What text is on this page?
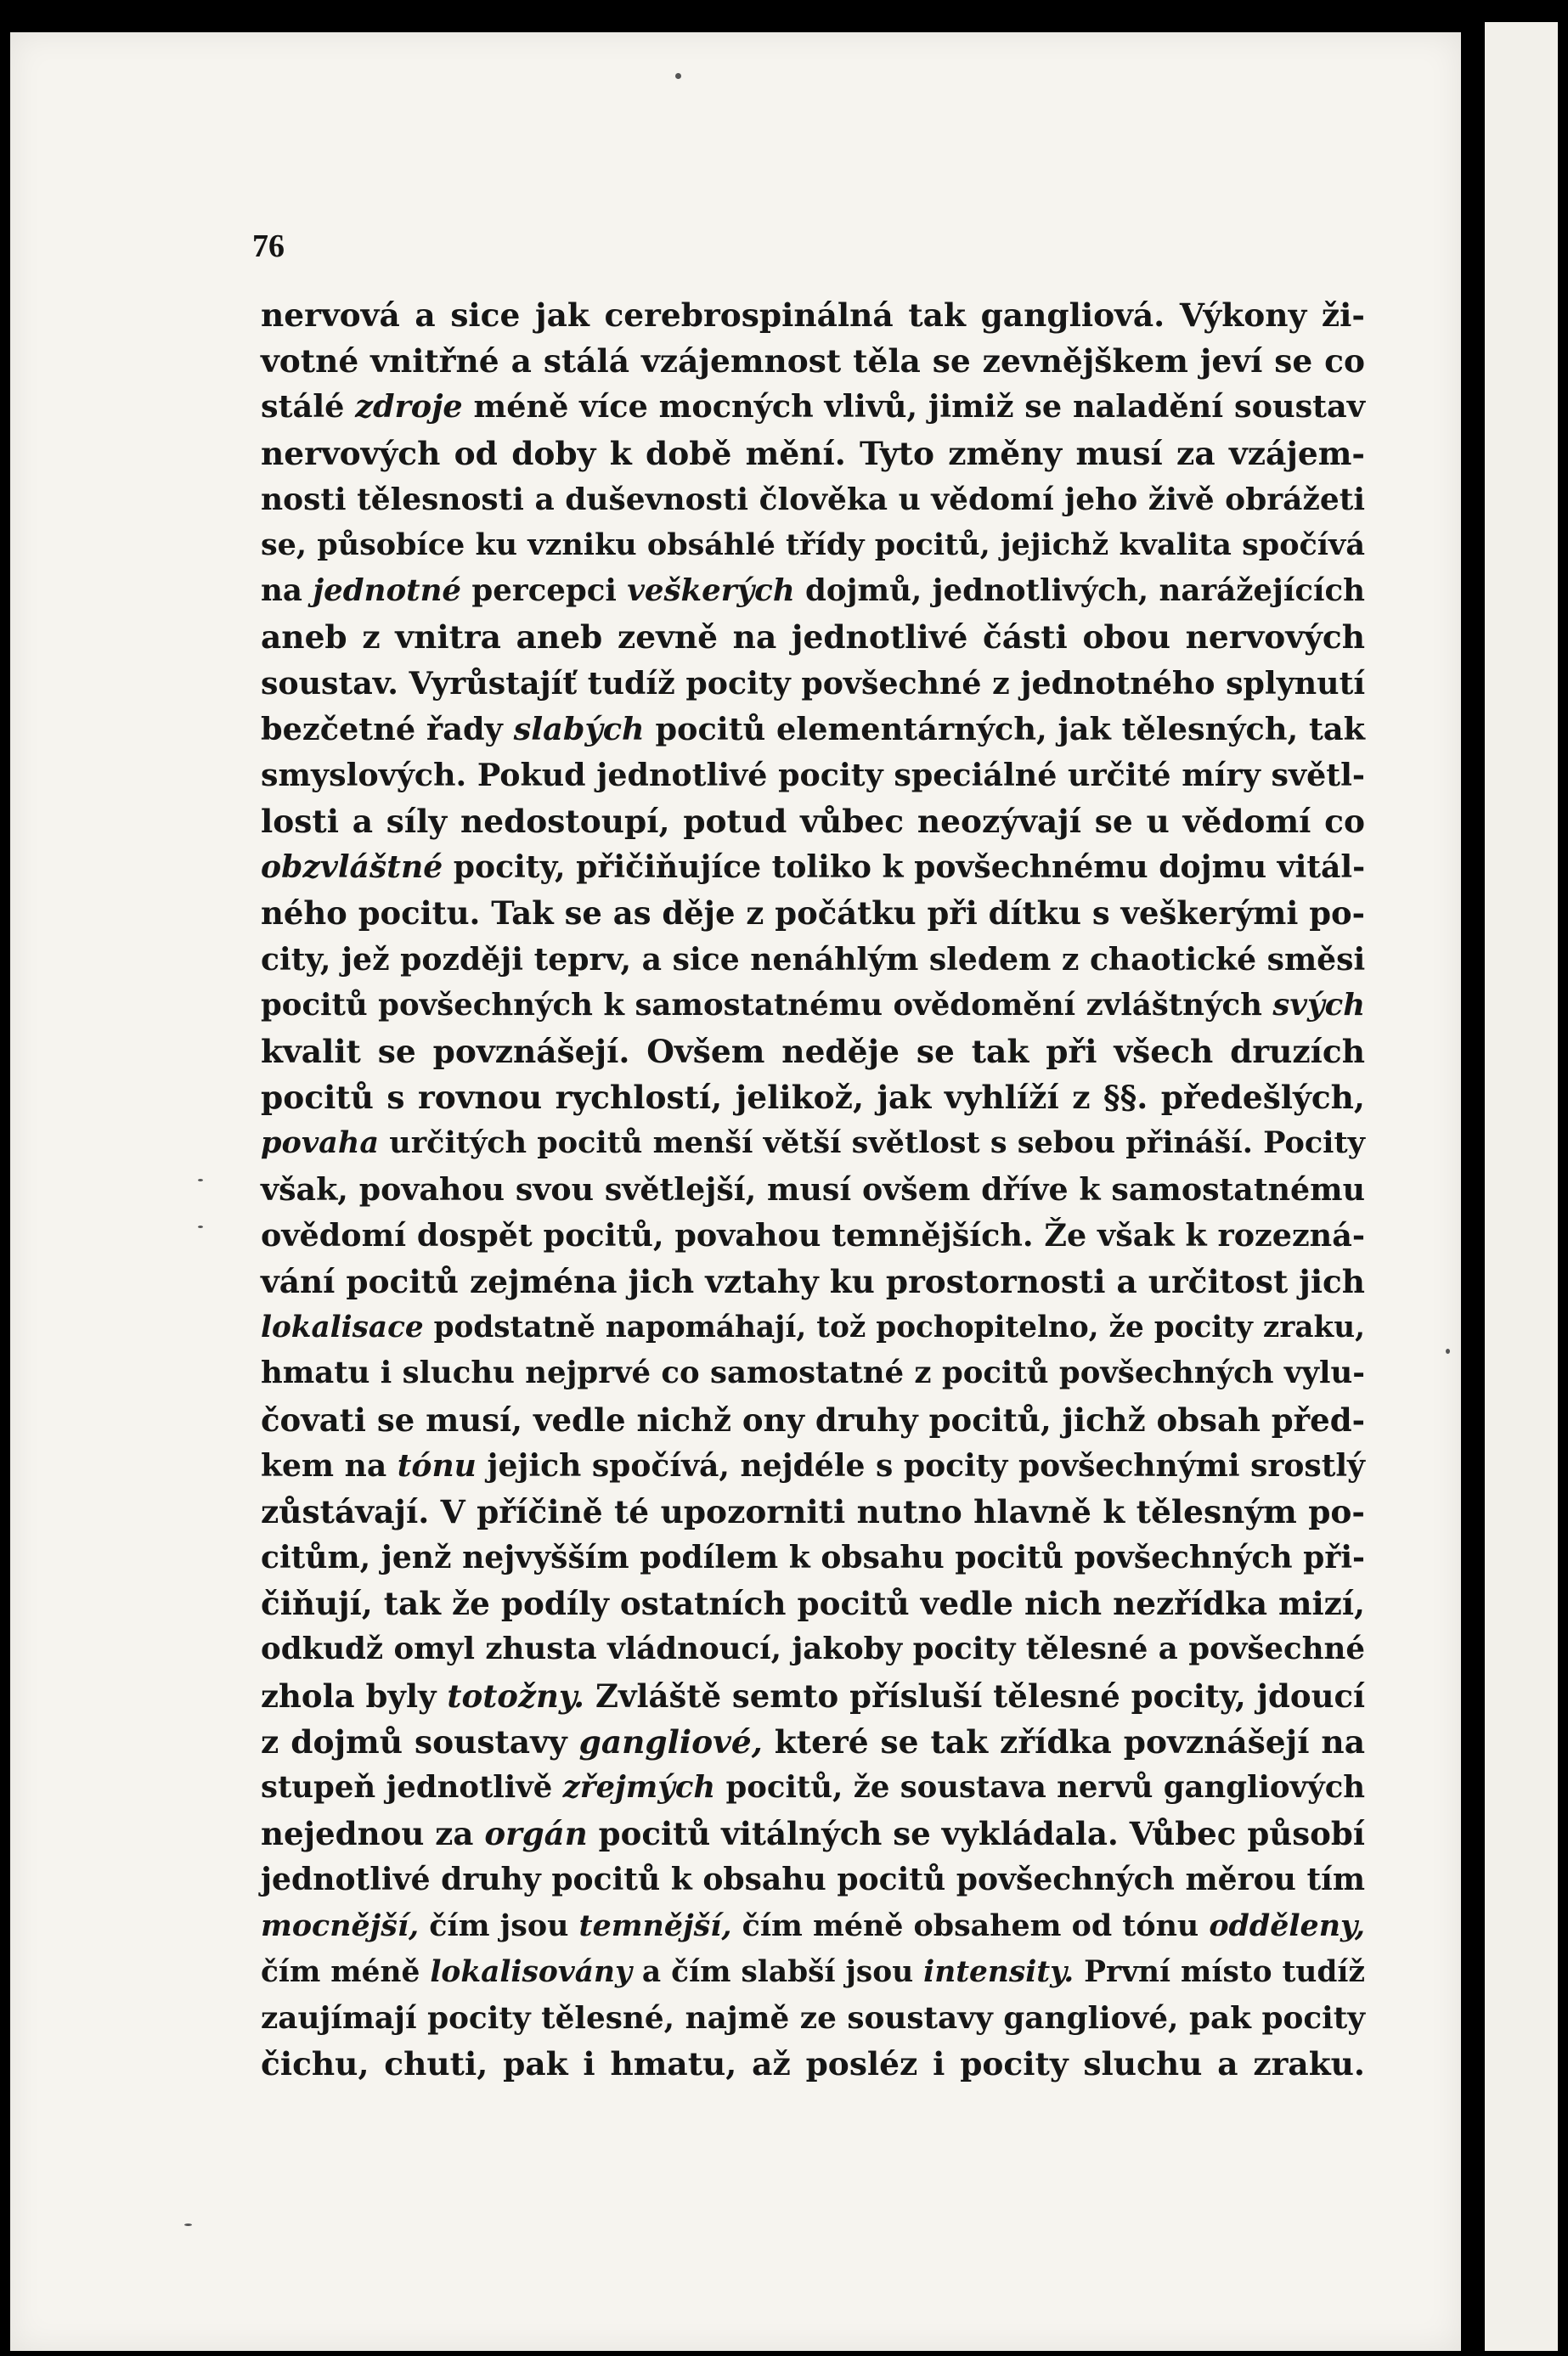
76
nervová a sice jak cerebrospinálná tak gangliová. Výkony ži-
votné vnitřné a stálá vzájemnost těla se zevnějškem jeví se co
stálé zdroje méně více mocných vlivů, jimiž se naladění soustav
nervových od doby k době mění. Tyto změny musí za vzájem-
nosti tělesnosti a duševnosti člověka u vědomí jeho živě obrážeti
se, působíce ku vzniku obsáhlé třídy pocitů, jejichž kvalita spočívá
na jednotné percepci veškerých dojmů, jednotlivých, narážejících
aneb z vnitra aneb zevně na jednotlivé části obou nervových
soustav. Vyrůstajíť tudíž pocity povšechné z jednotného splynutí
bezčetné řady slabých pocitů elementárných, jak tělesných, tak
smyslových. Pokud jednotlivé pocity speciálné určité míry světl-
losti a síly nedostoupí, potud vůbec neozývají se u vědomí co
obzvláštné pocity, přičiňujíce toliko k povšechnému dojmu vitál-
ného pocitu. Tak se as děje z počátku při dítku s veškerými po-
city, jež později teprv, a sice nenáhlým sledem z chaotické směsi
pocitů povšechných k samostatnému ovědomění zvláštných svých
kvalit se povznášejí. Ovšem neděje se tak při všech druzích
pocitů s rovnou rychlostí, jelikož, jak vyhlíží z §§. předešlých,
povaha určitých pocitů menší větší světlost s sebou přináší. Pocity
však, povahou svou světlejší, musí ovšem dříve k samostatnému
ovědomí dospět pocitů, povahou temnějších. Že však k rozezná-
vání pocitů zejména jich vztahy ku prostornosti a určitost jich
lokalisace podstatně napomáhají, tož pochopitelno, že pocity zraku,
hmatu i sluchu nejprvé co samostatné z pocitů povšechných vylu-
čovati se musí, vedle nichž ony druhy pocitů, jichž obsah před-
kem na tónu jejich spočívá, nejdéle s pocity povšechnými srostlý
zůstávají. V příčině té upozorniti nutno hlavně k tělesným po-
citům, jenž nejvyšším podílem k obsahu pocitů povšechných při-
čiňují, tak že podíly ostatních pocitů vedle nich nezřídka mizí,
odkudž omyl zhusta vládnoucí, jakoby pocity tělesné a povšechné
zhola byly totožny. Zvláště semto přísluší tělesné pocity, jdoucí
z dojmů soustavy gangliové, které se tak zřídka povznášejí na
stupeň jednotlivě zřejmých pocitů, že soustava nervů gangliových
nejednou za orgán pocitů vitálných se vykládala. Vůbec působí
jednotlivé druhy pocitů k obsahu pocitů povšechných měrou tím
mocnější, čím jsou temnější, čím méně obsahem od tónu odděleny,
čím méně lokalisovány a čím slabší jsou intensity. První místo tudíž
zaujímají pocity tělesné, najmě ze soustavy gangliové, pak pocity
čichu, chuti, pak i hmatu, až posléz i pocity sluchu a zraku.
